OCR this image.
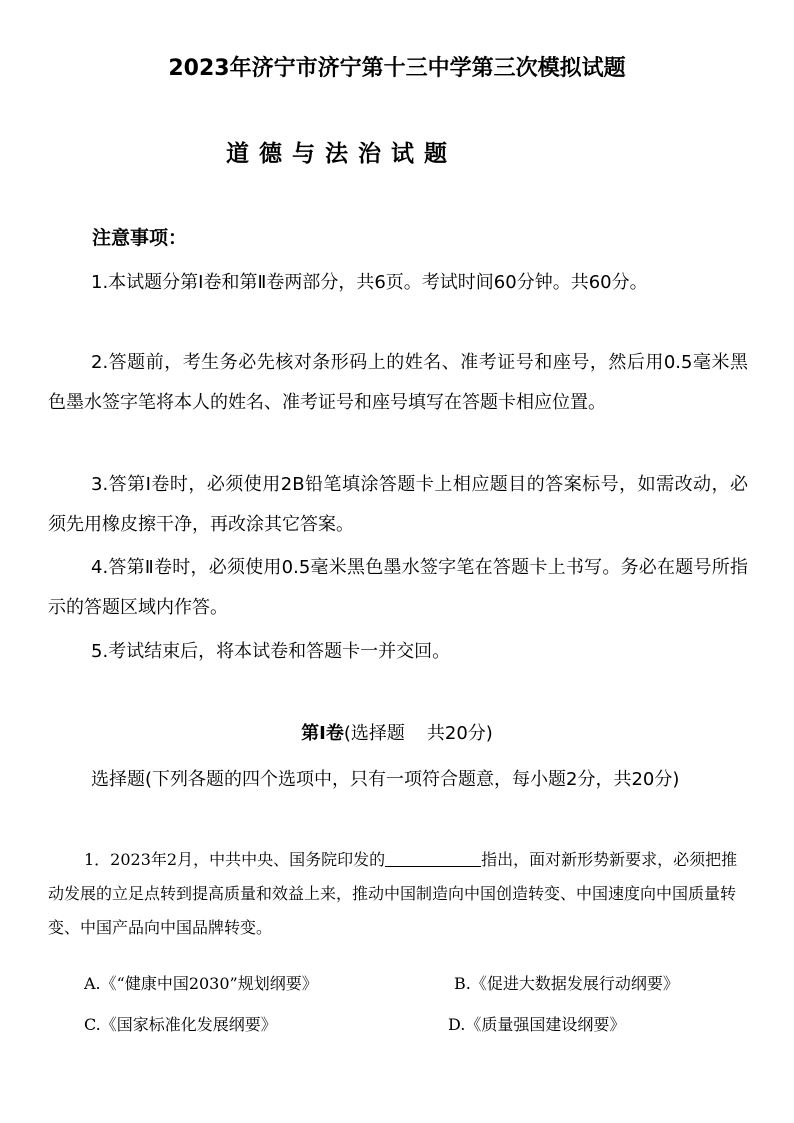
2023年济宁市济宁第十三中学第三次模拟试题
道德与法治试题
注意事项：

1.本试题分第Ⅰ卷和第Ⅱ卷两部分，共6页。考试时间60分钟。共60分。

2.答题前，考生务必先核对条形码上的姓名、准考证号和座号，然后用0.5毫米黑色墨水签字笔将本人的姓名、准考证号和座号填写在答题卡相应位置。

3.答第Ⅰ卷时，必须使用2B铅笔填涂答题卡上相应题目的答案标号，如需改动，必须先用橡皮擦干净，再改涂其它答案。

4.答第Ⅱ卷时，必须使用0.5毫米黑色墨水签字笔在答题卡上书写。务必在题号所指示的答题区域内作答。

5.考试结束后，将本试卷和答题卡一并交回。

第Ⅰ卷(选择题 共20分)

选择题(下列各题的四个选项中，只有一项符合题意，每小题2分，共20分)

1．2023年2月，中共中央、国务院印发的	指出，面对新形势新要求，必须把推动发展的立足点转到提高质量和效益上来，推动中国制造向中国创造转变、中国速度向中国质量转变、中国产品向中国品牌转变。

A.《“健康中国2030”规划纲要》	B.《促进大数据发展行动纲要》
C.《国家标准化发展纲要》	D.《质量强国建设纲要》
